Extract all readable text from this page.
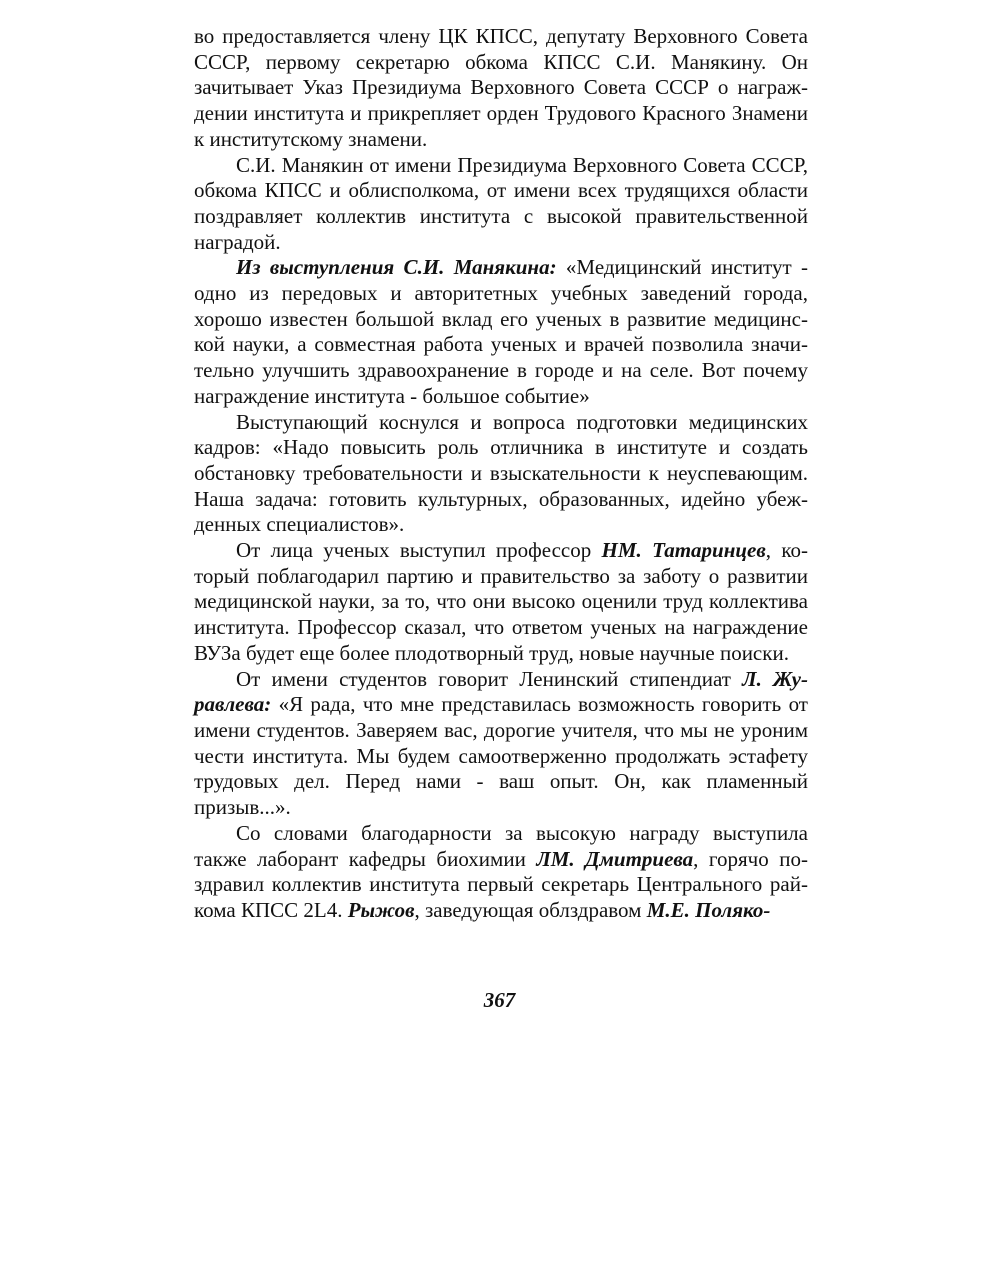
во предоставляется члену ЦК КПСС, депутату Верховного Совета СССР, первому секретарю обкома КПСС С.И. Манякину. Он зачитывает Указ Президиума Верховного Совета СССР о награждении института и прикрепляет орден Трудового Красного Знамени к институтскому знамени.

С.И. Манякин от имени Президиума Верховного Совета СССР, обкома КПСС и облисполкома, от имени всех трудящихся области поздравляет коллектив института с высокой правительственной наградой.

Из выступления С.И. Манякина: «Медицинский институт - одно из передовых и авторитетных учебных заведений города, хорошо известен большой вклад его ученых в развитие медицинской науки, а совместная работа ученых и врачей позволила значительно улучшить здравоохранение в городе и на селе. Вот почему награждение института - большое событие»

Выступающий коснулся и вопроса подготовки медицинских кадров: «Надо повысить роль отличника в институте и создать обстановку требовательности и взыскательности к неуспевающим. Наша задача: готовить культурных, образованных, идейно убежденных специалистов».

От лица ученых выступил профессор НМ. Татаринцев, который поблагодарил партию и правительство за заботу о развитии медицинской науки, за то, что они высоко оценили труд коллектива института. Профессор сказал, что ответом ученых на награждение ВУЗа будет еще более плодотворный труд, новые научные поиски.

От имени студентов говорит Ленинский стипендиат Л. Журавлева: «Я рада, что мне представилась возможность говорить от имени студентов. Заверяем вас, дорогие учителя, что мы не уроним чести института. Мы будем самоотверженно продолжать эстафету трудовых дел. Перед нами - ваш опыт. Он, как пламенный призыв...».

Со словами благодарности за высокую награду выступила также лаборант кафедры биохимии ЛМ. Дмитриева, горячо поздравил коллектив института первый секретарь Центрального райкома КПСС 2L4. Рыжов, заведующая облздравом М.Е. Поляко-

367
